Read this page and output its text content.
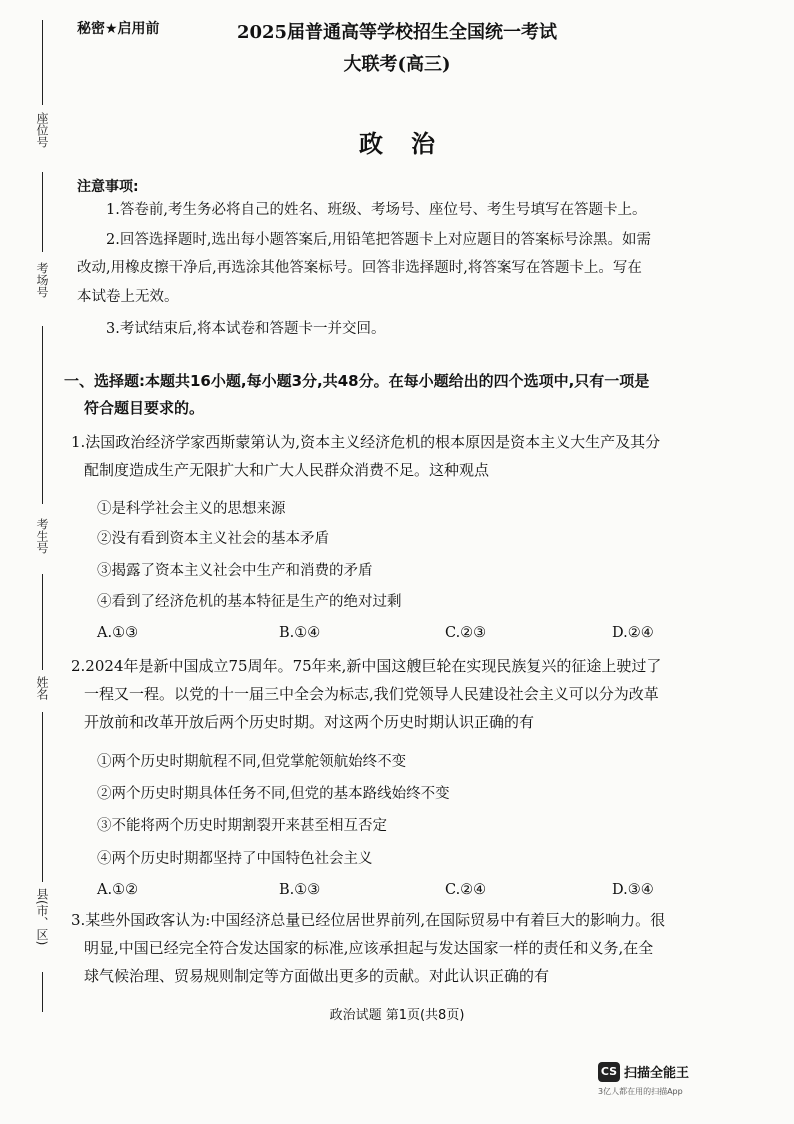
座位号
考场号
考生号
姓名
县(市、区)
秘密★启用前	2025届普通高等学校招生全国统一考试
大联考(高三)
政治
注意事项:
1.答卷前,考生务必将自己的姓名、班级、考场号、座位号、考生号填写在答题卡上。
2.回答选择题时,选出每小题答案后,用铅笔把答题卡上对应题目的答案标号涂黑。如需
改动,用橡皮擦干净后,再选涂其他答案标号。回答非选择题时,将答案写在答题卡上。写在
本试卷上无效。
3.考试结束后,将本试卷和答题卡一并交回。
一、选择题:本题共16小题,每小题3分,共48分。在每小题给出的四个选项中,只有一项是
符合题目要求的。
1.法国政治经济学家西斯蒙第认为,资本主义经济危机的根本原因是资本主义大生产及其分
配制度造成生产无限扩大和广大人民群众消费不足。这种观点
①是科学社会主义的思想来源
②没有看到资本主义社会的基本矛盾
③揭露了资本主义社会中生产和消费的矛盾
④看到了经济危机的基本特征是生产的绝对过剩
A.①③	B.①④	C.②③	D.②④
2.2024年是新中国成立75周年。75年来,新中国这艘巨轮在实现民族复兴的征途上驶过了
一程又一程。以党的十一届三中全会为标志,我们党领导人民建设社会主义可以分为改革
开放前和改革开放后两个历史时期。对这两个历史时期认识正确的有
①两个历史时期航程不同,但党掌舵领航始终不变
②两个历史时期具体任务不同,但党的基本路线始终不变
③不能将两个历史时期割裂开来甚至相互否定
④两个历史时期都坚持了中国特色社会主义
A.①②	B.①③	C.②④	D.③④
3.某些外国政客认为:中国经济总量已经位居世界前列,在国际贸易中有着巨大的影响力。很
明显,中国已经完全符合发达国家的标准,应该承担起与发达国家一样的责任和义务,在全
球气候治理、贸易规则制定等方面做出更多的贡献。对此认识正确的有
政治试题 第1页(共8页)
CS 扫描全能王
3亿人都在用的扫描App
